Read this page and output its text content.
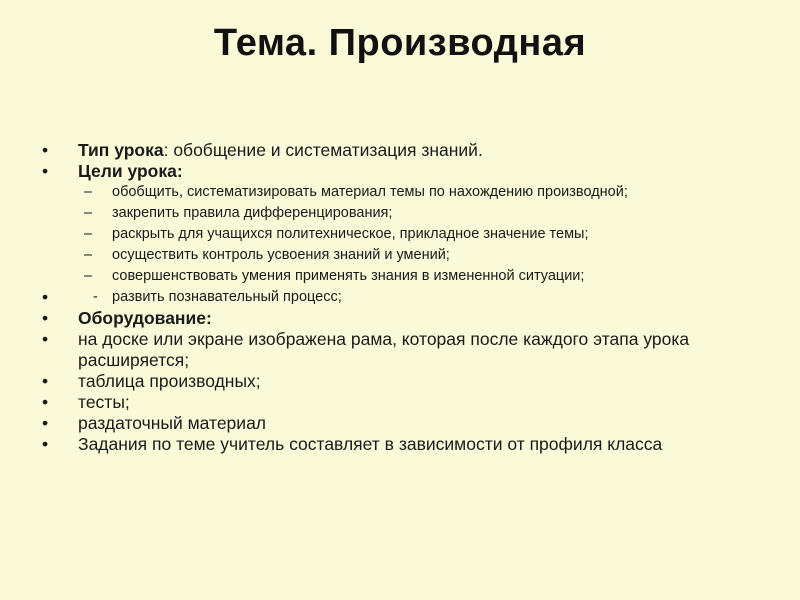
Тема. Производная
• Тип урока: обобщение и систематизация знаний.
• Цели урока:
– обобщить, систематизировать материал темы по нахождению производной;
– закрепить правила дифференцирования;
– раскрыть для учащихся политехническое, прикладное значение темы;
– осуществить контроль усвоения знаний и умений;
– совершенствовать умения применять знания в измененной ситуации;
•	- развить познавательный процесс;
• Оборудование:
• на доске или экране изображена рама, которая после каждого этапа урока расширяется;
• таблица производных;
• тесты;
• раздаточный материал
• Задания по теме учитель составляет в зависимости от профиля класса
